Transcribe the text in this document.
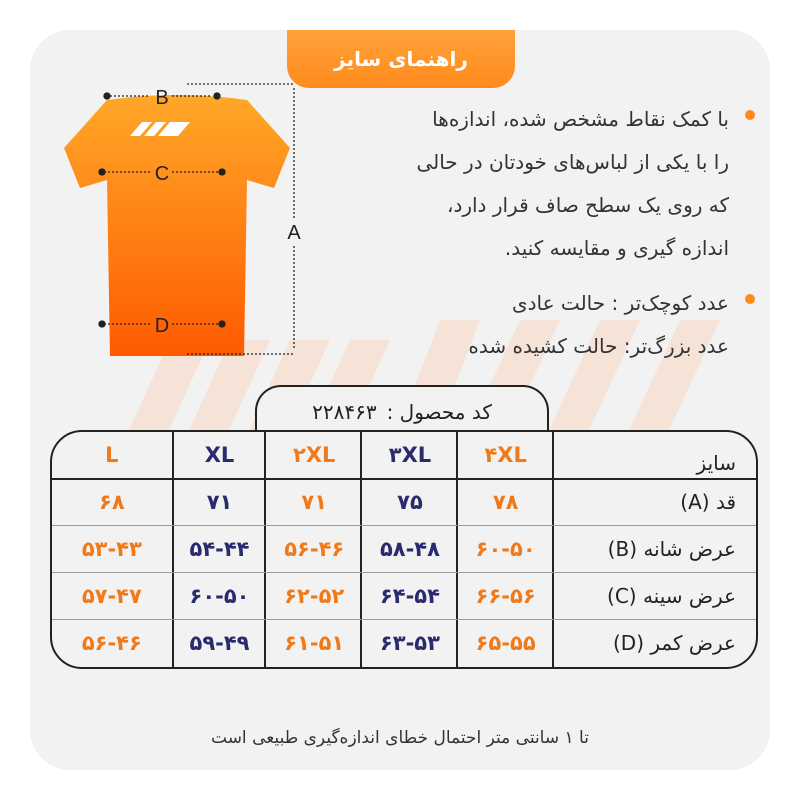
راهنمای سایز
B
C
D
A
با کمک نقاط مشخص شده، اندازه‌ها
را با یکی از لباس‌های خودتان در حالی
که روی یک سطح صاف قرار دارد،
اندازه گیری و مقایسه کنید.
عدد کوچک‌تر : حالت عادی
عدد بزرگ‌تر: حالت کشیده شده
کد محصول :
۲۲۸۴۶۳
L	XL	۲XL	۳XL	۴XL	سایز
۶۸	۷۱	۷۱	۷۵	۷۸	قد (A)
۵۳-۴۳	۵۴-۴۴	۵۶-۴۶	۵۸-۴۸	۶۰-۵۰	عرض شانه (B)
۵۷-۴۷	۶۰-۵۰	۶۲-۵۲	۶۴-۵۴	۶۶-۵۶	عرض سینه (C)
۵۶-۴۶	۵۹-۴۹	۶۱-۵۱	۶۳-۵۳	۶۵-۵۵	عرض کمر (D)
تا ۱ سانتی متر احتمال خطای اندازه‌گیری طبیعی است
